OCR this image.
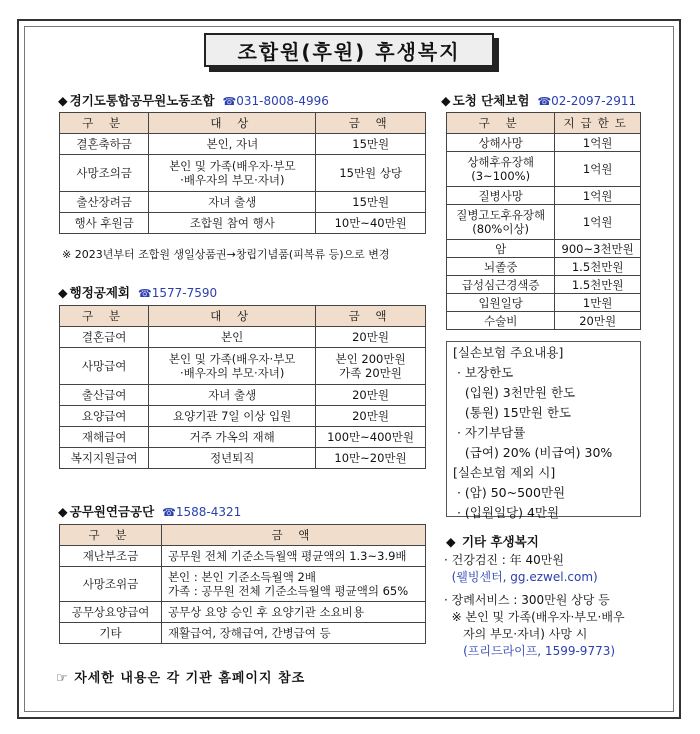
조합원(후원) 후생복지
◆ 경기도통합공무원노동조합 ☎031-8008-4996
구 분	대 상	금 액
결혼축하금	본인, 자녀	15만원
사망조의금	본인 및 가족(배우자·부모
·배우자의 부모·자녀)	15만원 상당
출산장려금	자녀 출생	15만원
행사 후원금	조합원 참여 행사	10만~40만원
※ 2023년부터 조합원 생일상품권→창립기념품(피복류 등)으로 변경
◆ 행정공제회 ☎1577-7590
구 분	대 상	금 액
결혼급여	본인	20만원
사망급여	본인 및 가족(배우자·부모
·배우자의 부모·자녀)	본인 200만원
가족 20만원
출산급여	자녀 출생	20만원
요양급여	요양기관 7일 이상 입원	20만원
재해급여	거주 가옥의 재해	100만~400만원
복지지원급여	정년퇴직	10만~20만원
◆ 공무원연금공단 ☎1588-4321
구 분	금 액
재난부조금	공무원 전체 기준소득월액 평균액의 1.3~3.9배
사망조위금	본인 : 본인 기준소득월액 2배
가족 : 공무원 전체 기준소득월액 평균액의 65%
공무상요양급여	공무상 요양 승인 후 요양기관 소요비용
기타	재활급여, 장해급여, 간병급여 등
◆ 도청 단체보험 ☎02-2097-2911
구 분	지급한도
상해사망	1억원
상해후유장해
(3~100%)	1억원
질병사망	1억원
질병고도후유장해
(80%이상)	1억원
암	900~3천만원
뇌졸중	1.5천만원
급성심근경색증	1.5천만원
입원일당	1만원
수술비	20만원
[실손보험 주요내용]
· 보장한도
(입원) 3천만원 한도
(통원) 15만원 한도
· 자기부담률
(급여) 20% (비급여) 30%
[실손보험 제외 시]
· (암) 50~500만원
· (입원일당) 4만원
◆ 기타 후생복지
· 건강검진 : 年 40만원
(웰빙센터, gg.ezwel.com)
· 장례서비스 : 300만원 상당 등
※ 본인 및 가족(배우자·부모·배우
자의 부모·자녀) 사망 시
(프리드라이프, 1599-9773)
☞ 자세한 내용은 각 기관 홈페이지 참조
